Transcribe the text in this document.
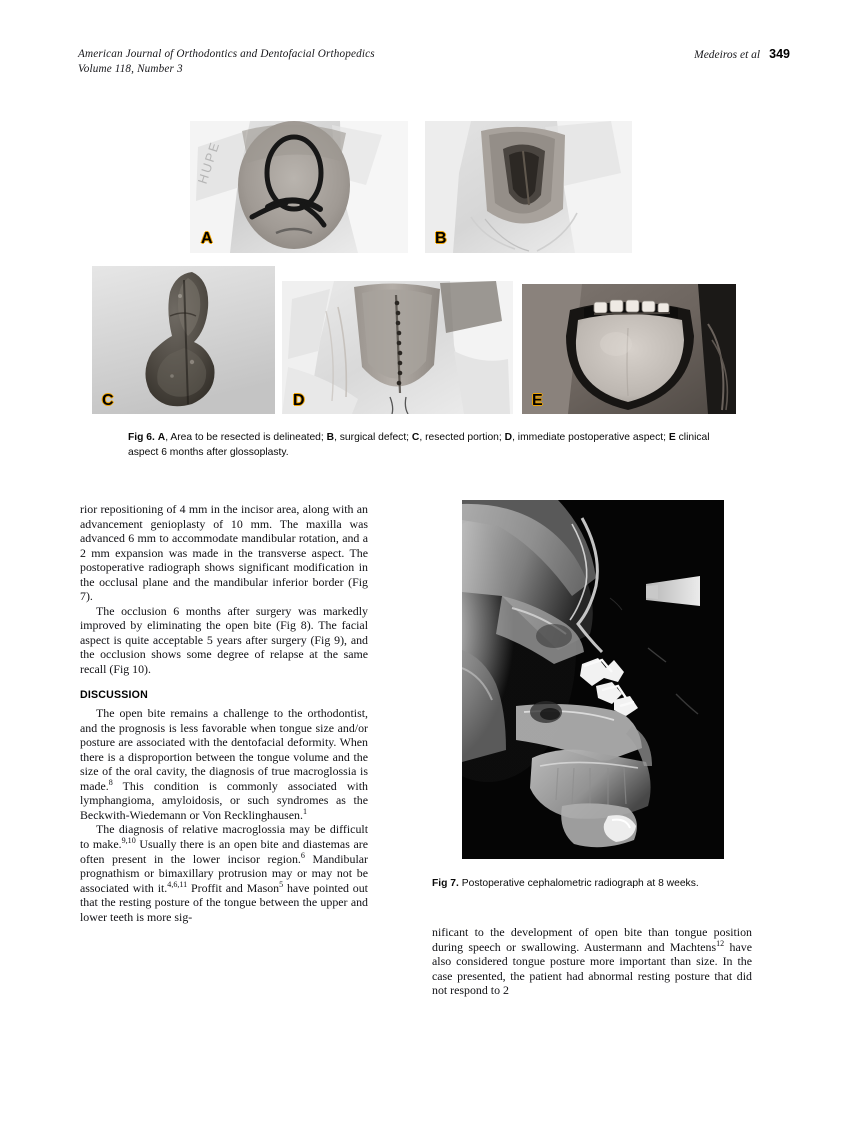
American Journal of Orthodontics and Dentofacial Orthopedics
Volume 118, Number 3
Medeiros et al 349
HUPE
A	B
C	D	E
Fig 6. A, Area to be resected is delineated; B, surgical defect; C, resected portion; D, immediate postoperative aspect; E clinical aspect 6 months after glossoplasty.

rior repositioning of 4 mm in the incisor area, along with an advancement genioplasty of 10 mm. The maxilla was advanced 6 mm to accommodate mandibular rotation, and a 2 mm expansion was made in the transverse aspect. The postoperative radiograph shows significant modification in the occlusal plane and the mandibular inferior border (Fig 7).

The occlusion 6 months after surgery was markedly improved by eliminating the open bite (Fig 8). The facial aspect is quite acceptable 5 years after surgery (Fig 9), and the occlusion shows some degree of relapse at the same recall (Fig 10).

DISCUSSION

The open bite remains a challenge to the orthodontist, and the prognosis is less favorable when tongue size and/or posture are associated with the dentofacial deformity. When there is a disproportion between the tongue volume and the size of the oral cavity, the diagnosis of true macroglossia is made.$^8$ This condition is commonly associated with lymphangioma, amyloidosis, or such syndromes as the Beckwith-Wiedemann or Von Recklinghausen.$^1$

The diagnosis of relative macroglossia may be difficult to make.$^{9,10}$ Usually there is an open bite and diastemas are often present in the lower incisor region.$^6$ Mandibular prognathism or bimaxillary protrusion may or may not be associated with it.$^{4,6,11}$ Proffit and Mason$^5$ have pointed out that the resting posture of the tongue between the upper and lower teeth is more sig-

Fig 7. Postoperative cephalometric radiograph at 8 weeks.

nificant to the development of open bite than tongue position during speech or swallowing. Austermann and Machtens$^{12}$ have also considered tongue posture more important than size. In the case presented, the patient had abnormal resting posture that did not respond to 2
